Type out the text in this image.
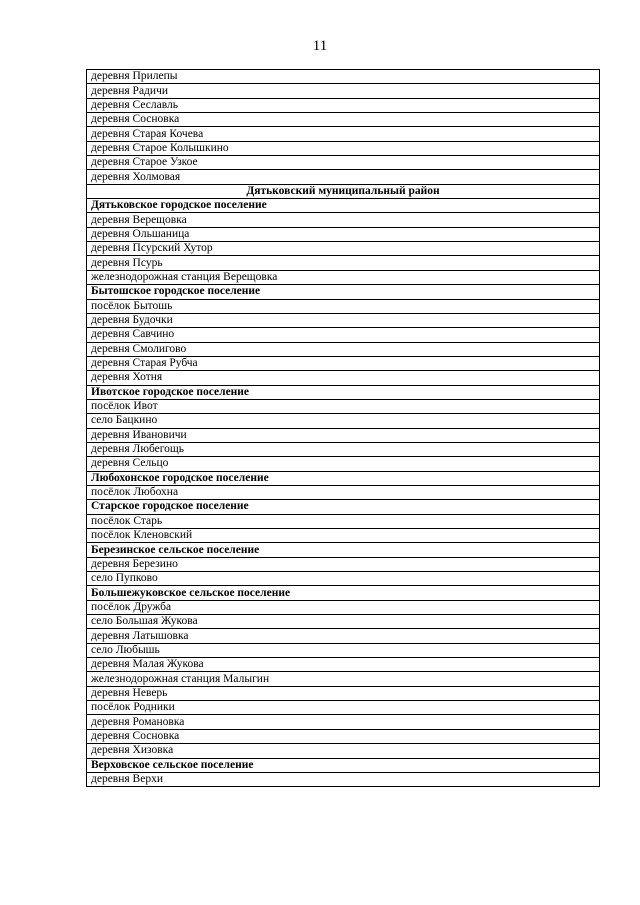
11
деревня Прилепы
деревня Радичи
деревня Сеславль
деревня Сосновка
деревня Старая Кочева
деревня Старое Колышкино
деревня Старое Узкое
деревня Холмовая
Дятьковский муниципальный район
Дятьковское городское поселение
деревня Верещовка
деревня Ольшаница
деревня Псурский Хутор
деревня Псурь
железнодорожная станция Верещовка
Бытошское городское поселение
посёлок Бытошь
деревня Будочки
деревня Савчино
деревня Смолигово
деревня Старая Рубча
деревня Хотня
Ивотское городское поселение
посёлок Ивот
село Бацкино
деревня Ивановичи
деревня Любегощь
деревня Сельцо
Любохонское городское поселение
посёлок Любохна
Старское городское поселение
посёлок Старь
посёлок Кленовский
Березинское сельское поселение
деревня Березино
село Пупково
Большежуковское сельское поселение
посёлок Дружба
село Большая Жукова
деревня Латышовка
село Любышь
деревня Малая Жукова
железнодорожная станция Малыгин
деревня Неверь
посёлок Родники
деревня Романовка
деревня Сосновка
деревня Хизовка
Верховское сельское поселение
деревня Верхи
